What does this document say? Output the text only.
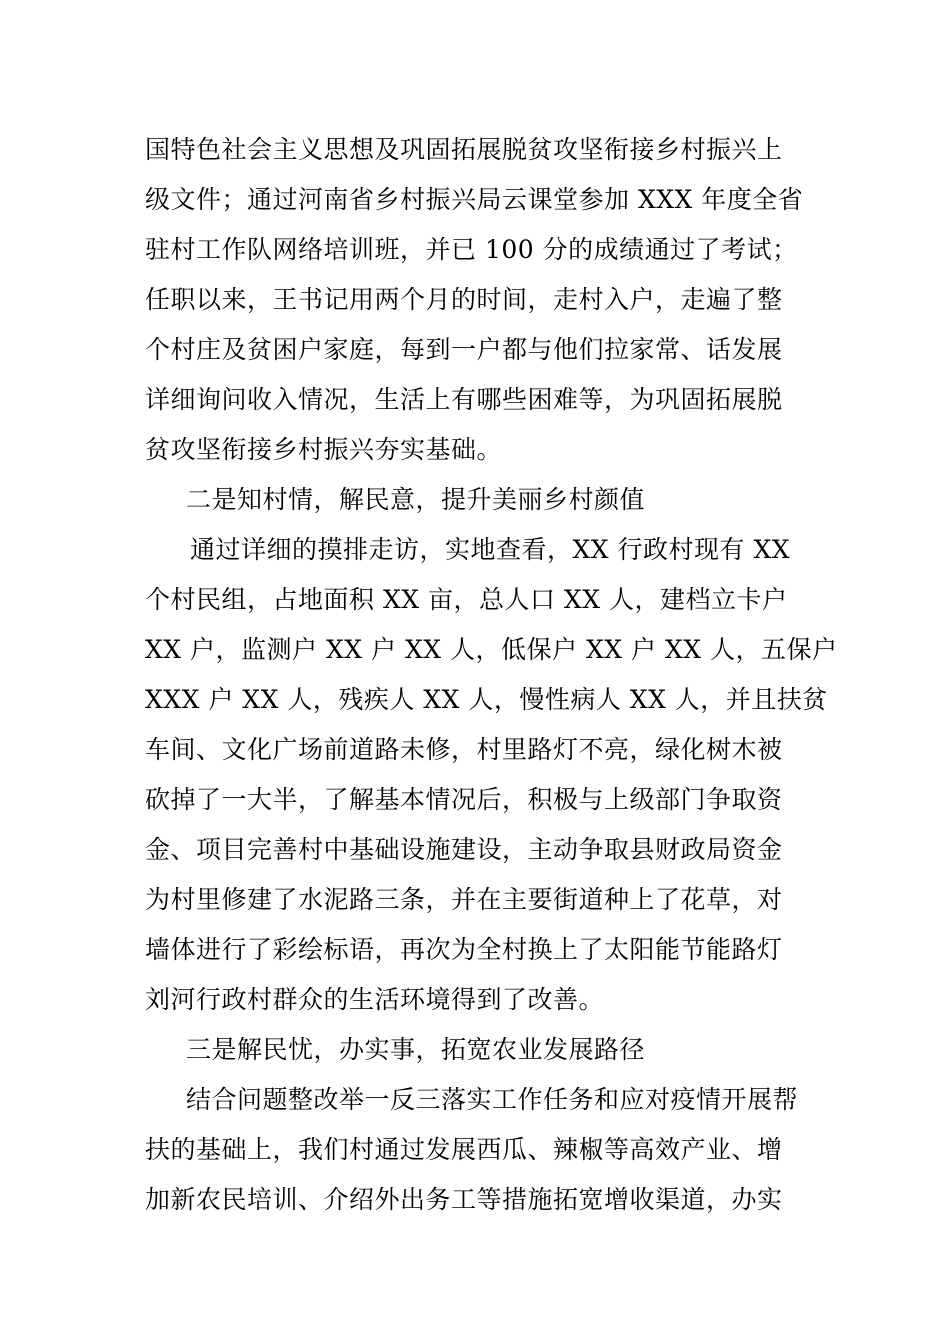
国特色社会主义思想及巩固拓展脱贫攻坚衔接乡村振兴上
级文件；通过河南省乡村振兴局云课堂参加 XXX 年度全省
驻村工作队网络培训班，并已 100 分的成绩通过了考试；
任职以来，王书记用两个月的时间，走村入户，走遍了整
个村庄及贫困户家庭，每到一户都与他们拉家常、话发展
详细询问收入情况，生活上有哪些困难等，为巩固拓展脱
贫攻坚衔接乡村振兴夯实基础。
二是知村情，解民意，提升美丽乡村颜值
通过详细的摸排走访，实地查看，XX 行政村现有 XX
个村民组，占地面积 XX 亩，总人口 XX 人，建档立卡户
XX 户，监测户 XX 户 XX 人，低保户 XX 户 XX 人，五保户
XXX 户 XX 人，残疾人 XX 人，慢性病人 XX 人，并且扶贫
车间、文化广场前道路未修，村里路灯不亮，绿化树木被
砍掉了一大半，了解基本情况后，积极与上级部门争取资
金、项目完善村中基础设施建设，主动争取县财政局资金
为村里修建了水泥路三条，并在主要街道种上了花草，对
墙体进行了彩绘标语，再次为全村换上了太阳能节能路灯
刘河行政村群众的生活环境得到了改善。
三是解民忧，办实事，拓宽农业发展路径
结合问题整改举一反三落实工作任务和应对疫情开展帮
扶的基础上，我们村通过发展西瓜、辣椒等高效产业、增
加新农民培训、介绍外出务工等措施拓宽增收渠道，办实
